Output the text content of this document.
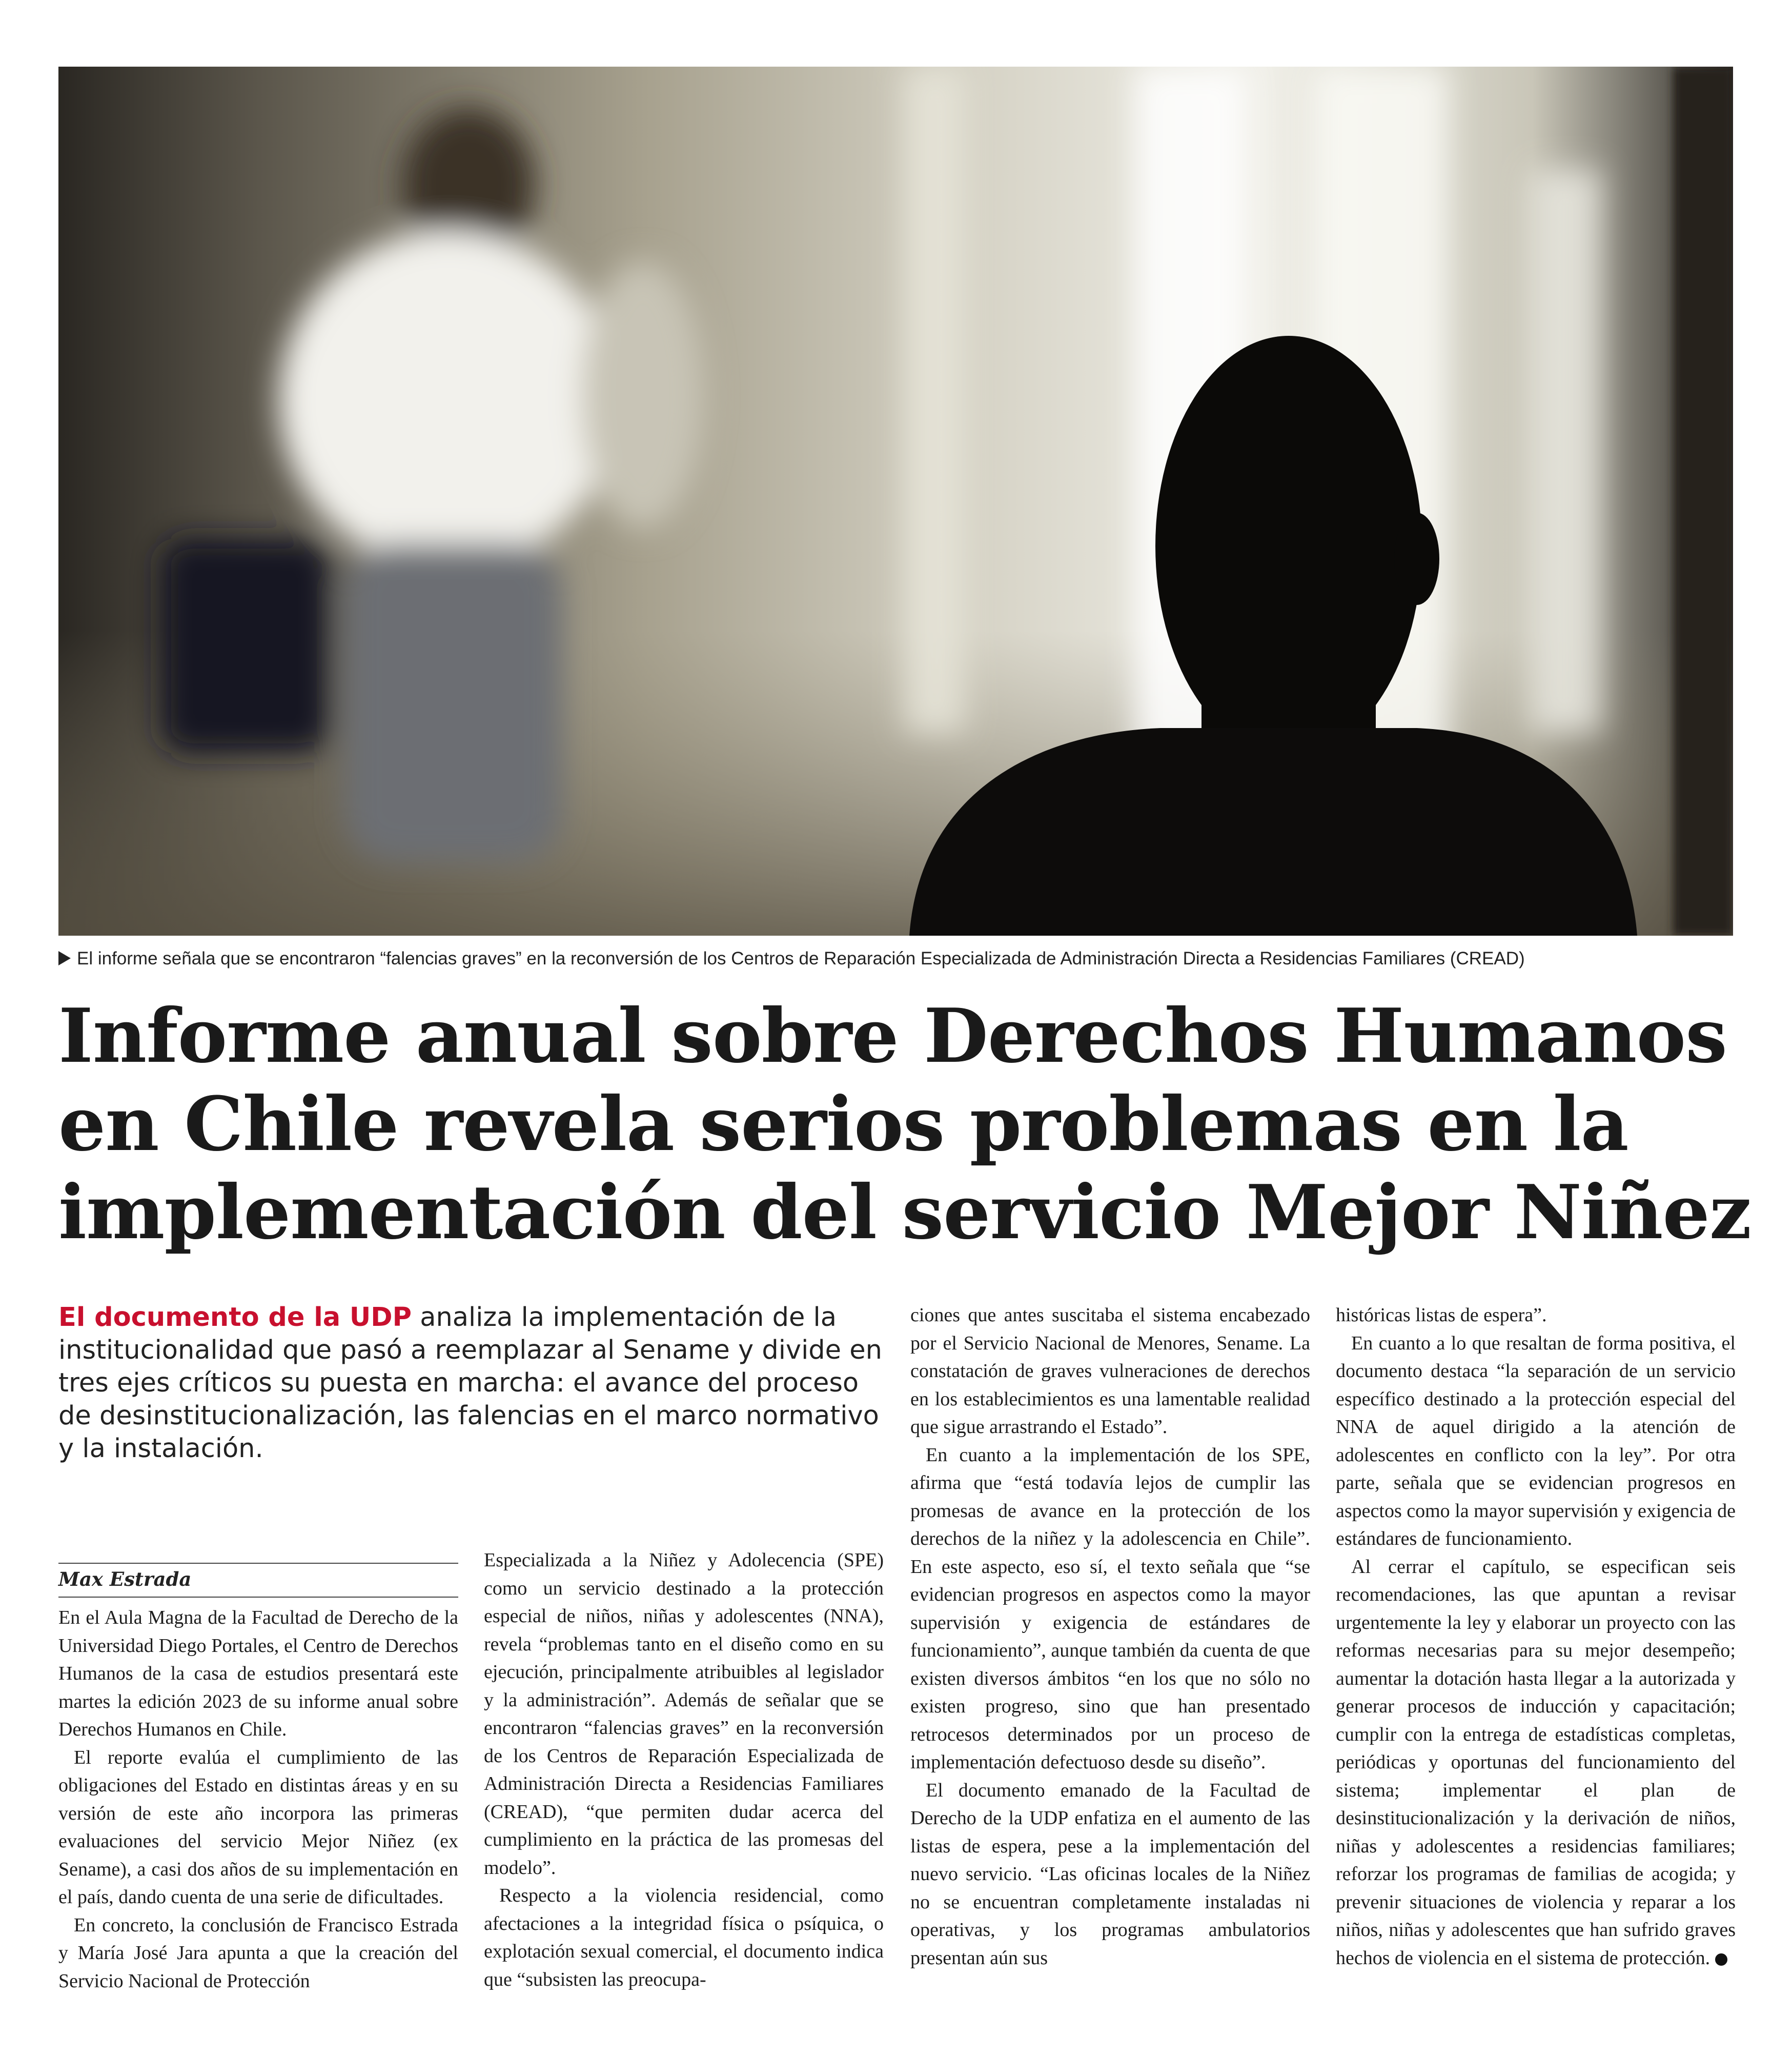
El informe señala que se encontraron “falencias graves” en la reconversión de los Centros de Reparación Especializada de Administración Directa a Residencias Familiares (CREAD)
Informe anual sobre Derechos Humanos
en Chile revela serios problemas en la
implementación del servicio Mejor Niñez

El documento de la UDP analiza la implementación de la institucionalidad que pasó a reemplazar al Sename y divide en tres ejes críticos su puesta en marcha: el avance del proceso de desinstitucionalización, las falencias en el marco normativo y la instalación.

Max Estrada

En el Aula Magna de la Facultad de Derecho de la Universidad Diego Portales, el Centro de Derechos Humanos de la casa de estudios presentará este martes la edición 2023 de su informe anual sobre Derechos Humanos en Chile.

El reporte evalúa el cumplimiento de las obligaciones del Estado en distintas áreas y en su versión de este año incorpora las primeras evaluaciones del servicio Mejor Niñez (ex Sename), a casi dos años de su implementación en el país, dando cuenta de una serie de dificultades.

En concreto, la conclusión de Francisco Estrada y María José Jara apunta a que la creación del Servicio Nacional de Protección

Especializada a la Niñez y Adolecencia (SPE) como un servicio destinado a la protección especial de niños, niñas y adolescentes (NNA), revela “problemas tanto en el diseño como en su ejecución, principalmente atribuibles al legislador y la administración”. Además de señalar que se encontraron “falencias graves” en la reconversión de los Centros de Reparación Especializada de Administración Directa a Residencias Familiares (CREAD), “que permiten dudar acerca del cumplimiento en la práctica de las promesas del modelo”.

Respecto a la violencia residencial, como afectaciones a la integridad física o psíquica, o explotación sexual comercial, el documento indica que “subsisten las preocupa-

ciones que antes suscitaba el sistema encabezado por el Servicio Nacional de Menores, Sename. La constatación de graves vulneraciones de derechos en los establecimientos es una lamentable realidad que sigue arrastrando el Estado”.

En cuanto a la implementación de los SPE, afirma que “está todavía lejos de cumplir las promesas de avance en la protección de los derechos de la niñez y la adolescencia en Chile”. En este aspecto, eso sí, el texto señala que “se evidencian progresos en aspectos como la mayor supervisión y exigencia de estándares de funcionamiento”, aunque también da cuenta de que existen diversos ámbitos “en los que no sólo no existen progreso, sino que han presentado retrocesos determinados por un proceso de implementación defectuoso desde su diseño”.

El documento emanado de la Facultad de Derecho de la UDP enfatiza en el aumento de las listas de espera, pese a la implementación del nuevo servicio. “Las oficinas locales de la Niñez no se encuentran completamente instaladas ni operativas, y los programas ambulatorios presentan aún sus

históricas listas de espera”.

En cuanto a lo que resaltan de forma positiva, el documento destaca “la separación de un servicio específico destinado a la protección especial del NNA de aquel dirigido a la atención de adolescentes en conflicto con la ley”. Por otra parte, señala que se evidencian progresos en aspectos como la mayor supervisión y exigencia de estándares de funcionamiento.

Al cerrar el capítulo, se especifican seis recomendaciones, las que apuntan a revisar urgentemente la ley y elaborar un proyecto con las reformas necesarias para su mejor desempeño; aumentar la dotación hasta llegar a la autorizada y generar procesos de inducción y capacitación; cumplir con la entrega de estadísticas completas, periódicas y oportunas del funcionamiento del sistema; implementar el plan de desinstitucionalización y la derivación de niños, niñas y adolescentes a residencias familiares; reforzar los programas de familias de acogida; y prevenir situaciones de violencia y reparar a los niños, niñas y adolescentes que han sufrido graves hechos de violencia en el sistema de protección.
